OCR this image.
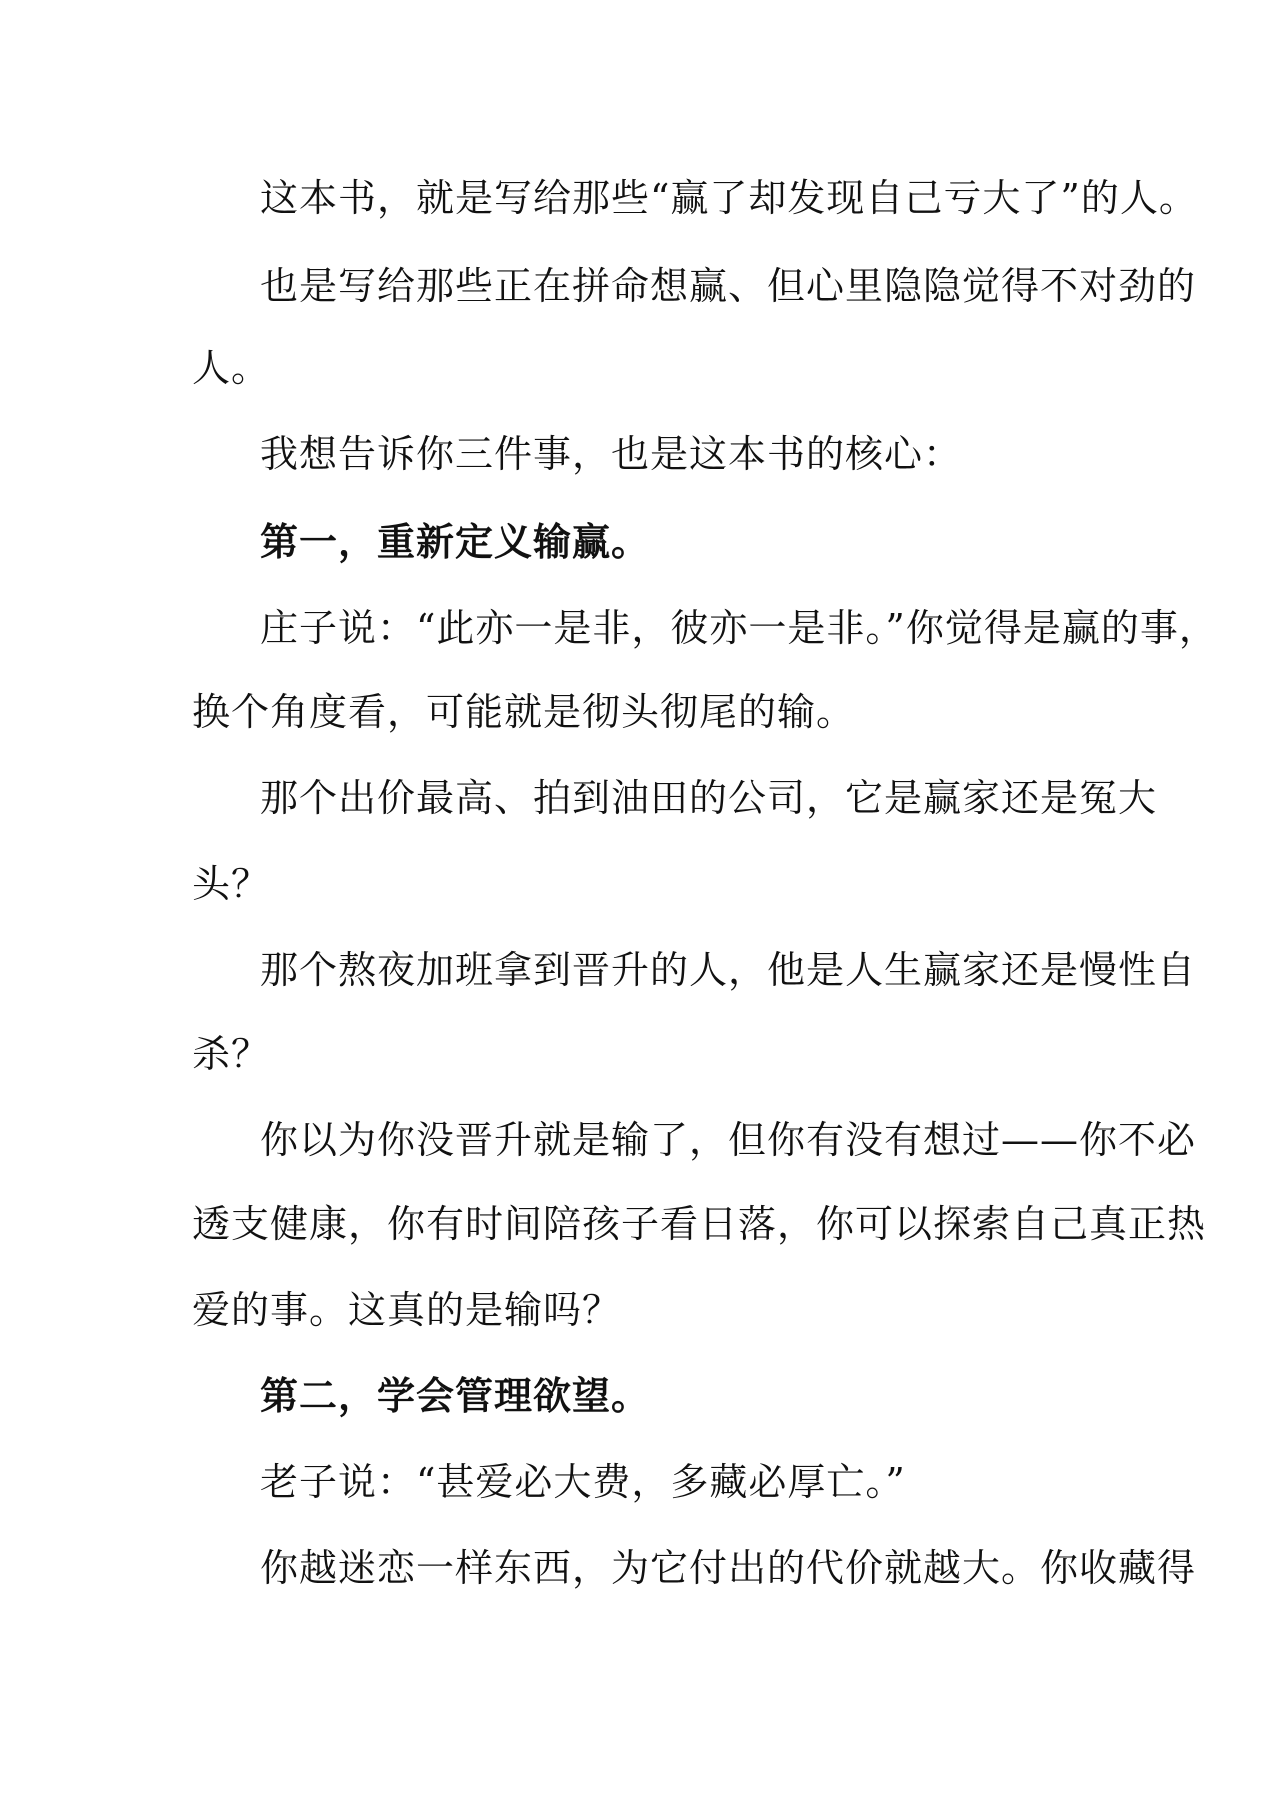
这本书，就是写给那些“赢了却发现自己亏大了”的人。
也是写给那些正在拼命想赢、但心里隐隐觉得不对劲的
人。
我想告诉你三件事，也是这本书的核心：
第一，重新定义输赢。
庄子说：“此亦一是非，彼亦一是非。”你觉得是赢的事，
换个角度看，可能就是彻头彻尾的输。
那个出价最高、拍到油田的公司，它是赢家还是冤大
头？
那个熬夜加班拿到晋升的人，他是人生赢家还是慢性自
杀？
你以为你没晋升就是输了，但你有没有想过——你不必
透支健康，你有时间陪孩子看日落，你可以探索自己真正热
爱的事。这真的是输吗？
第二，学会管理欲望。
老子说：“甚爱必大费，多藏必厚亡。”
你越迷恋一样东西，为它付出的代价就越大。你收藏得
